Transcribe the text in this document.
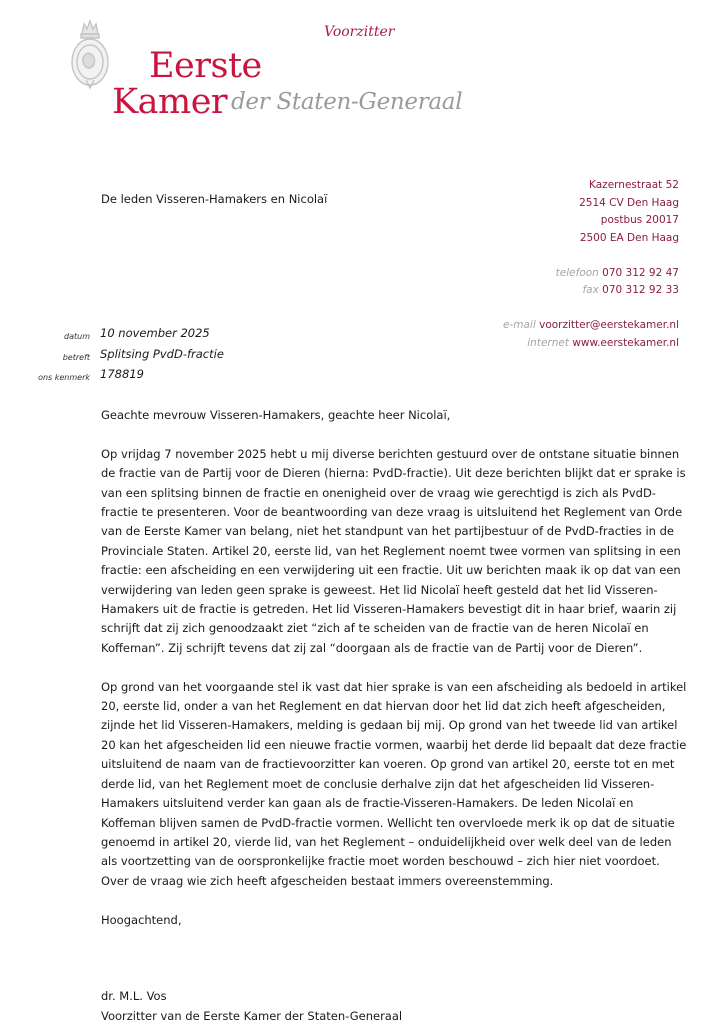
Voorzitter
Eerste
Kamer der Staten-Generaal
De leden Visseren-Hamakers en Nicolaï
Kazernestraat 52
2514 CV Den Haag
postbus 20017
2500 EA Den Haag
telefoon 070 312 92 47
fax 070 312 92 33
e-mail voorzitter@eerstekamer.nl
internet www.eerstekamer.nl
datum 10 november 2025
betreft Splitsing PvdD-fractie
ons kenmerk 178819

Geachte mevrouw Visseren-Hamakers, geachte heer Nicolaï,

Op vrijdag 7 november 2025 hebt u mij diverse berichten gestuurd over de ontstane situatie binnen de fractie van de Partij voor de Dieren (hierna: PvdD-fractie). Uit deze berichten blijkt dat er sprake is van een splitsing binnen de fractie en onenigheid over de vraag wie gerechtigd is zich als PvdD-fractie te presenteren. Voor de beantwoording van deze vraag is uitsluitend het Reglement van Orde van de Eerste Kamer van belang, niet het standpunt van het partijbestuur of de PvdD-fracties in de Provinciale Staten. Artikel 20, eerste lid, van het Reglement noemt twee vormen van splitsing in een fractie: een afscheiding en een verwijdering uit een fractie. Uit uw berichten maak ik op dat van een verwijdering van leden geen sprake is geweest. Het lid Nicolaï heeft gesteld dat het lid Visseren-Hamakers uit de fractie is getreden. Het lid Visseren-Hamakers bevestigt dit in haar brief, waarin zij schrijft dat zij zich genoodzaakt ziet “zich af te scheiden van de fractie van de heren Nicolaï en Koffeman”. Zij schrijft tevens dat zij zal “doorgaan als de fractie van de Partij voor de Dieren”.

Op grond van het voorgaande stel ik vast dat hier sprake is van een afscheiding als bedoeld in artikel 20, eerste lid, onder a van het Reglement en dat hiervan door het lid dat zich heeft afgescheiden, zijnde het lid Visseren-Hamakers, melding is gedaan bij mij. Op grond van het tweede lid van artikel 20 kan het afgescheiden lid een nieuwe fractie vormen, waarbij het derde lid bepaalt dat deze fractie uitsluitend de naam van de fractievoorzitter kan voeren. Op grond van artikel 20, eerste tot en met derde lid, van het Reglement moet de conclusie derhalve zijn dat het afgescheiden lid Visseren-Hamakers uitsluitend verder kan gaan als de fractie-Visseren-Hamakers. De leden Nicolaï en Koffeman blijven samen de PvdD-fractie vormen. Wellicht ten overvloede merk ik op dat de situatie genoemd in artikel 20, vierde lid, van het Reglement – onduidelijkheid over welk deel van de leden als voortzetting van de oorspronkelijke fractie moet worden beschouwd – zich hier niet voordoet. Over de vraag wie zich heeft afgescheiden bestaat immers overeenstemming.

Hoogachtend,

dr. M.L. Vos
Voorzitter van de Eerste Kamer der Staten-Generaal
